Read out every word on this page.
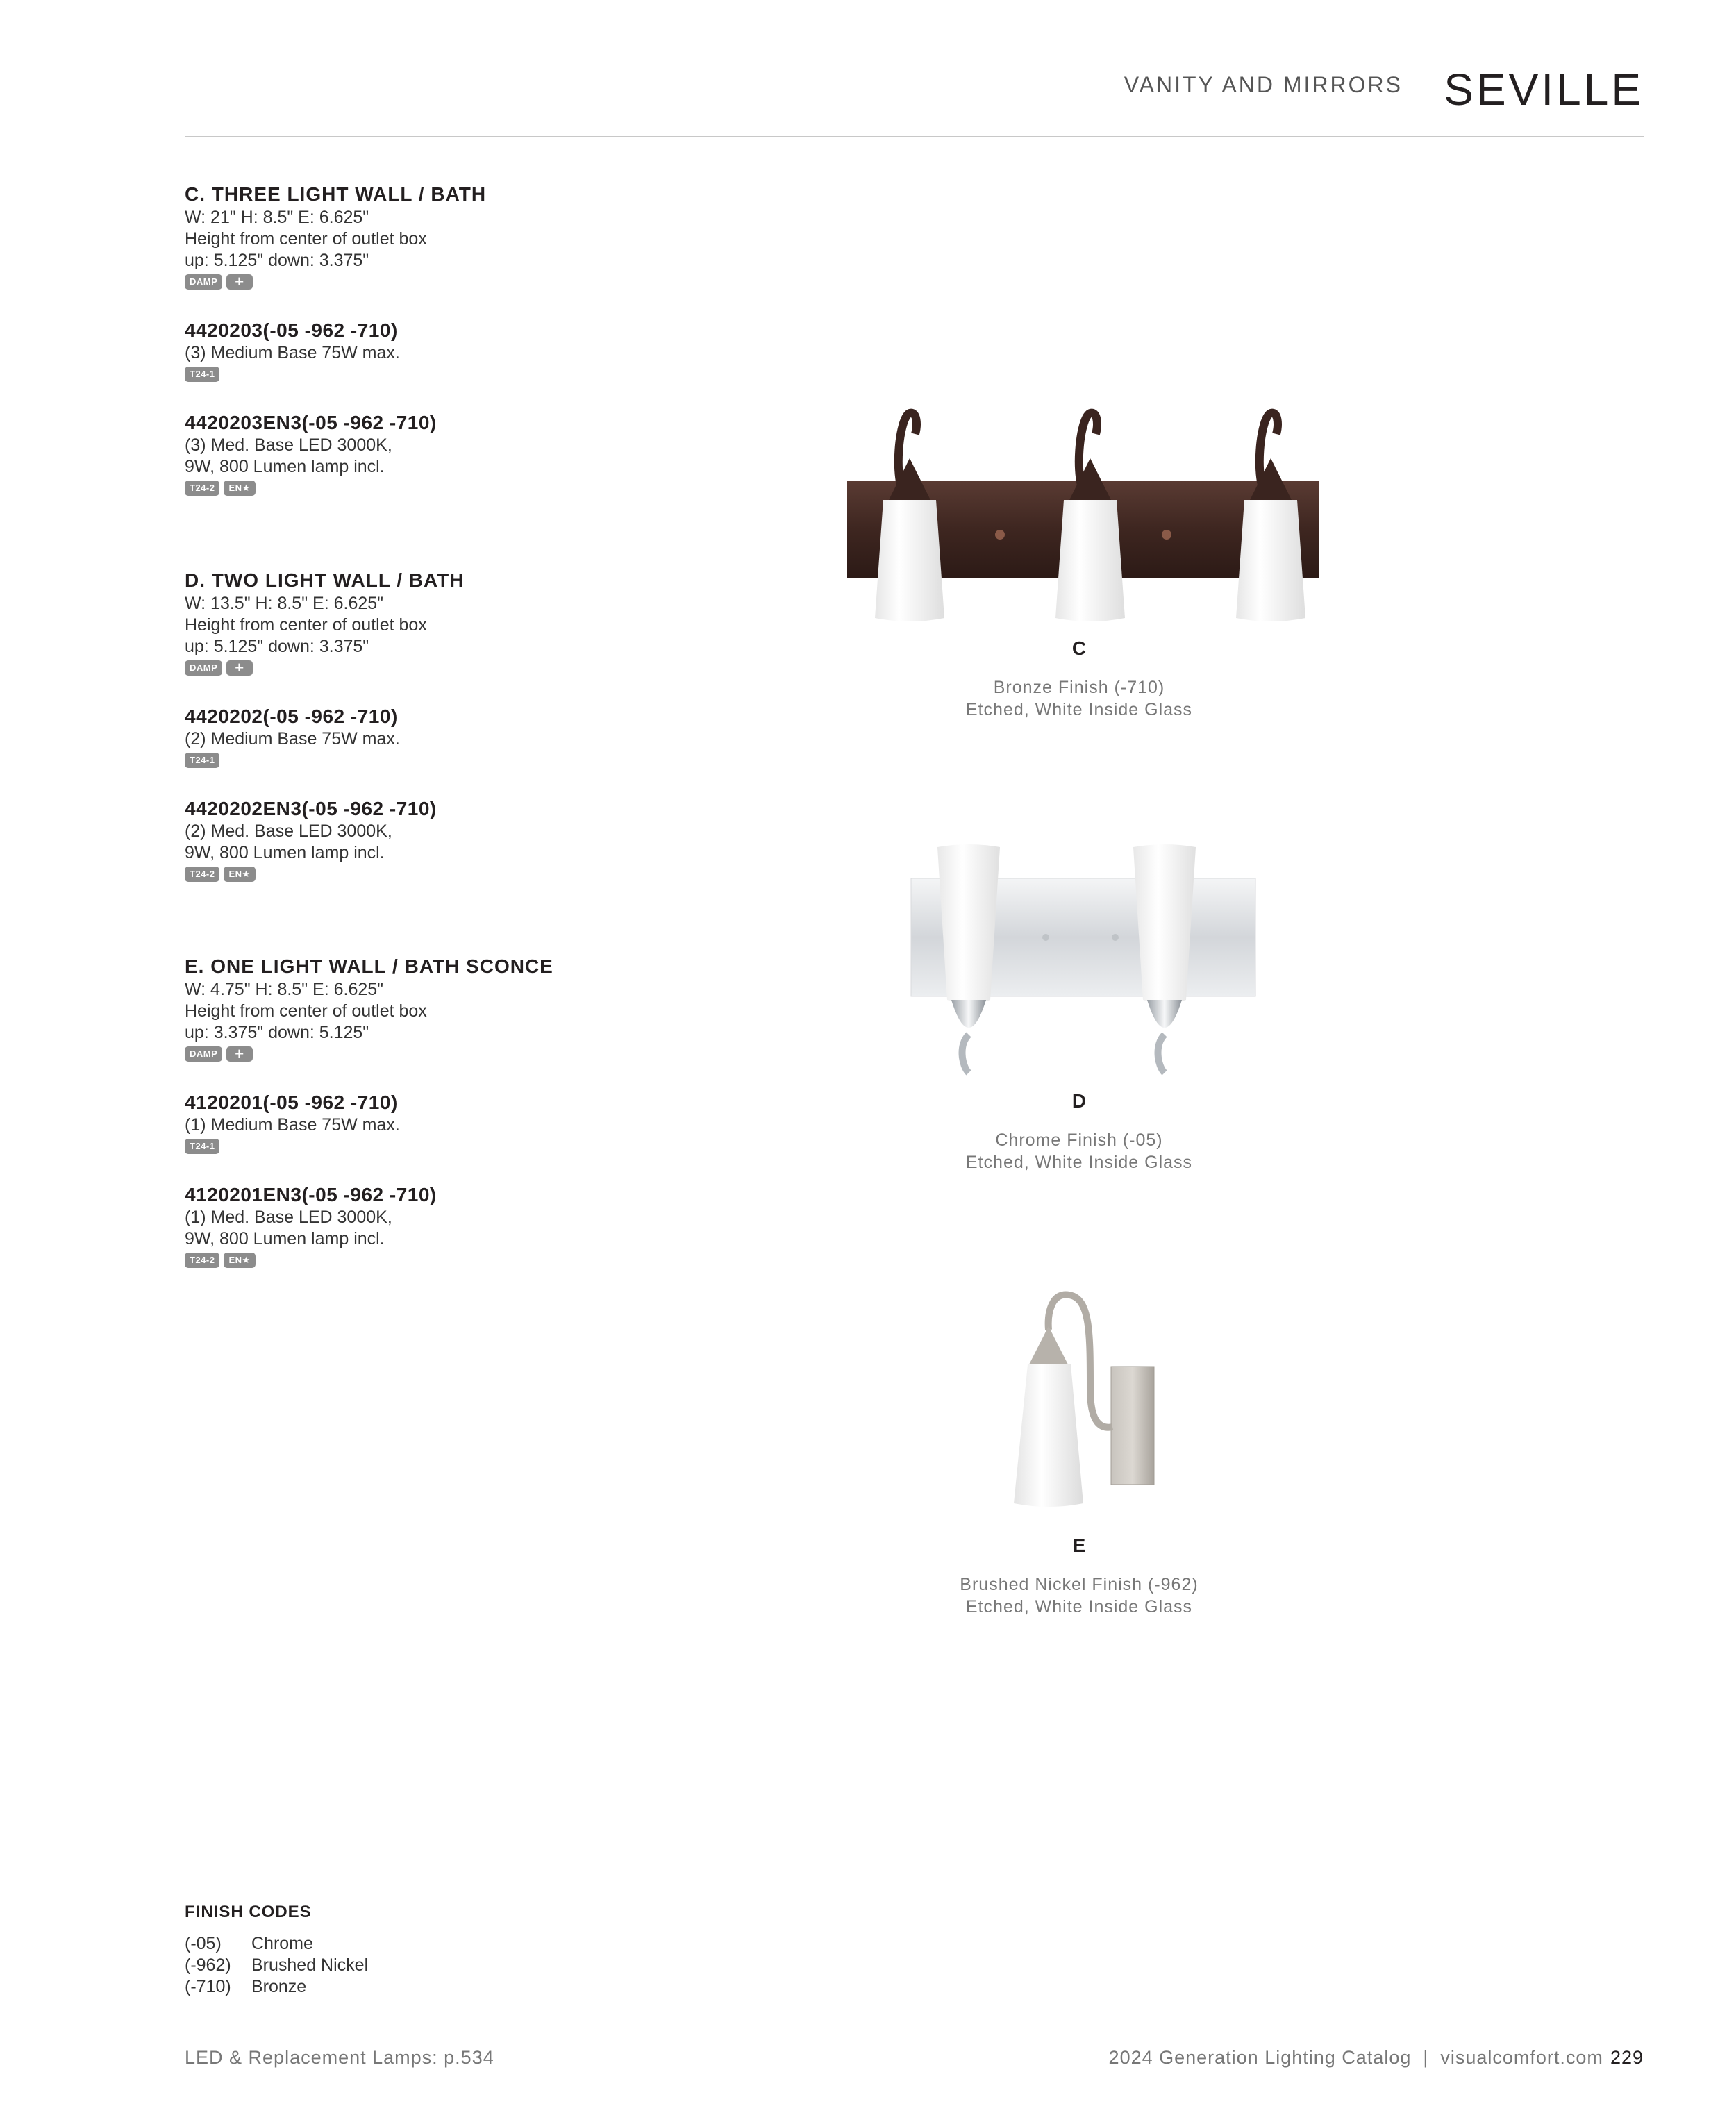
VANITY AND MIRRORS SEVILLE
C. THREE LIGHT WALL / BATH
W: 21" H: 8.5" E: 6.625"
Height from center of outlet box
up: 5.125" down: 3.375"
DAMP	+
4420203(-05 -962 -710)
(3) Medium Base 75W max.
T24-1
4420203EN3(-05 -962 -710)
(3) Med. Base LED 3000K,
9W, 800 Lumen lamp incl.
T24-2	EN★
D. TWO LIGHT WALL / BATH
W: 13.5" H: 8.5" E: 6.625"
Height from center of outlet box
up: 5.125" down: 3.375"
DAMP	+
4420202(-05 -962 -710)
(2) Medium Base 75W max.
T24-1
4420202EN3(-05 -962 -710)
(2) Med. Base LED 3000K,
9W, 800 Lumen lamp incl.
T24-2	EN★
E. ONE LIGHT WALL / BATH SCONCE
W: 4.75" H: 8.5" E: 6.625"
Height from center of outlet box
up: 3.375" down: 5.125"
DAMP	+
4120201(-05 -962 -710)
(1) Medium Base 75W max.
T24-1
4120201EN3(-05 -962 -710)
(1) Med. Base LED 3000K,
9W, 800 Lumen lamp incl.
T24-2	EN★
C
Bronze Finish (-710)
Etched, White Inside Glass
D
Chrome Finish (-05)
Etched, White Inside Glass
E
Brushed Nickel Finish (-962)
Etched, White Inside Glass
FINISH CODES
(-05) Chrome
(-962) Brushed Nickel
(-710) Bronze
LED & Replacement Lamps: p.534	2024 Generation Lighting Catalog  |  visualcomfort.com 229
